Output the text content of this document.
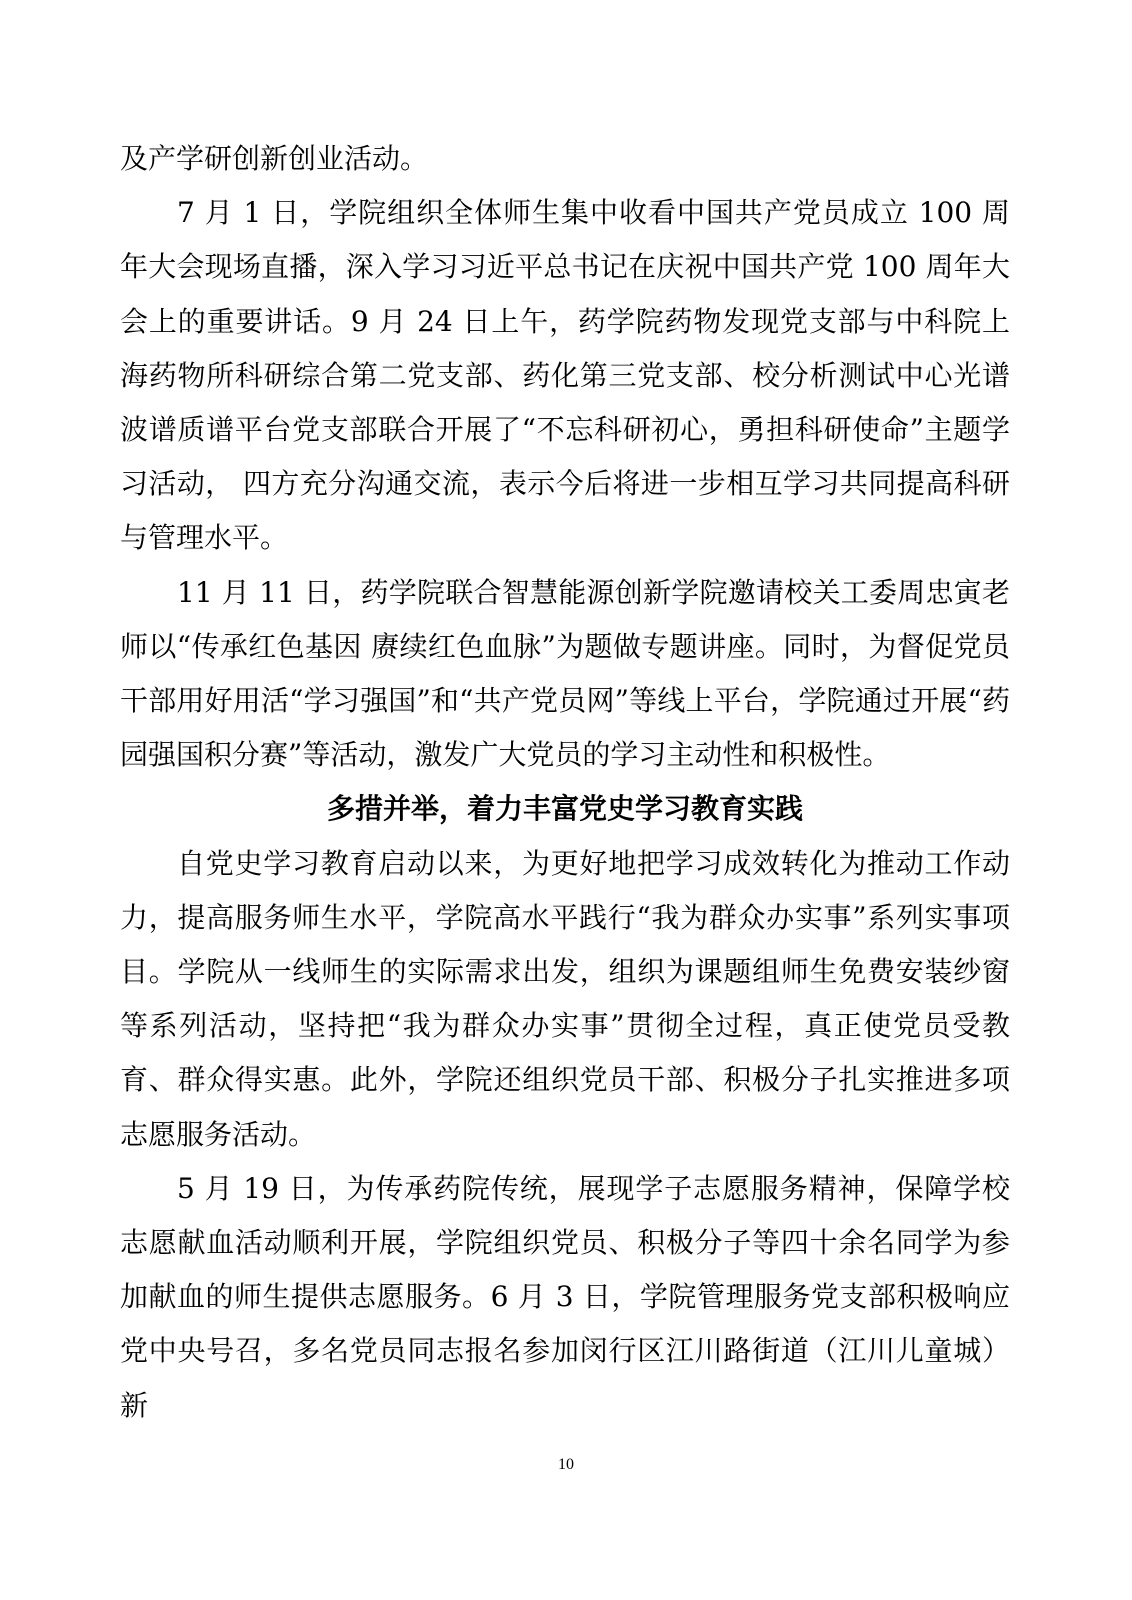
及产学研创新创业活动。

7 月 1 日，学院组织全体师生集中收看中国共产党员成立 100 周年大会现场直播，深入学习习近平总书记在庆祝中国共产党 100 周年大会上的重要讲话。9 月 24 日上午，药学院药物发现党支部与中科院上海药物所科研综合第二党支部、药化第三党支部、校分析测试中心光谱波谱质谱平台党支部联合开展了“不忘科研初心，勇担科研使命”主题学习活动， 四方充分沟通交流，表示今后将进一步相互学习共同提高科研与管理水平。

11 月 11 日，药学院联合智慧能源创新学院邀请校关工委周忠寅老师以“传承红色基因 赓续红色血脉”为题做专题讲座。同时，为督促党员干部用好用活“学习强国”和“共产党员网”等线上平台，学院通过开展“药园强国积分赛”等活动，激发广大党员的学习主动性和积极性。

多措并举，着力丰富党史学习教育实践

自党史学习教育启动以来，为更好地把学习成效转化为推动工作动力，提高服务师生水平，学院高水平践行“我为群众办实事”系列实事项目。学院从一线师生的实际需求出发，组织为课题组师生免费安装纱窗等系列活动，坚持把“我为群众办实事”贯彻全过程，真正使党员受教育、群众得实惠。此外，学院还组织党员干部、积极分子扎实推进多项志愿服务活动。

5 月 19 日，为传承药院传统，展现学子志愿服务精神，保障学校志愿献血活动顺利开展，学院组织党员、积极分子等四十余名同学为参加献血的师生提供志愿服务。6 月 3 日，学院管理服务党支部积极响应党中央号召，多名党员同志报名参加闵行区江川路街道（江川儿童城）新

10
